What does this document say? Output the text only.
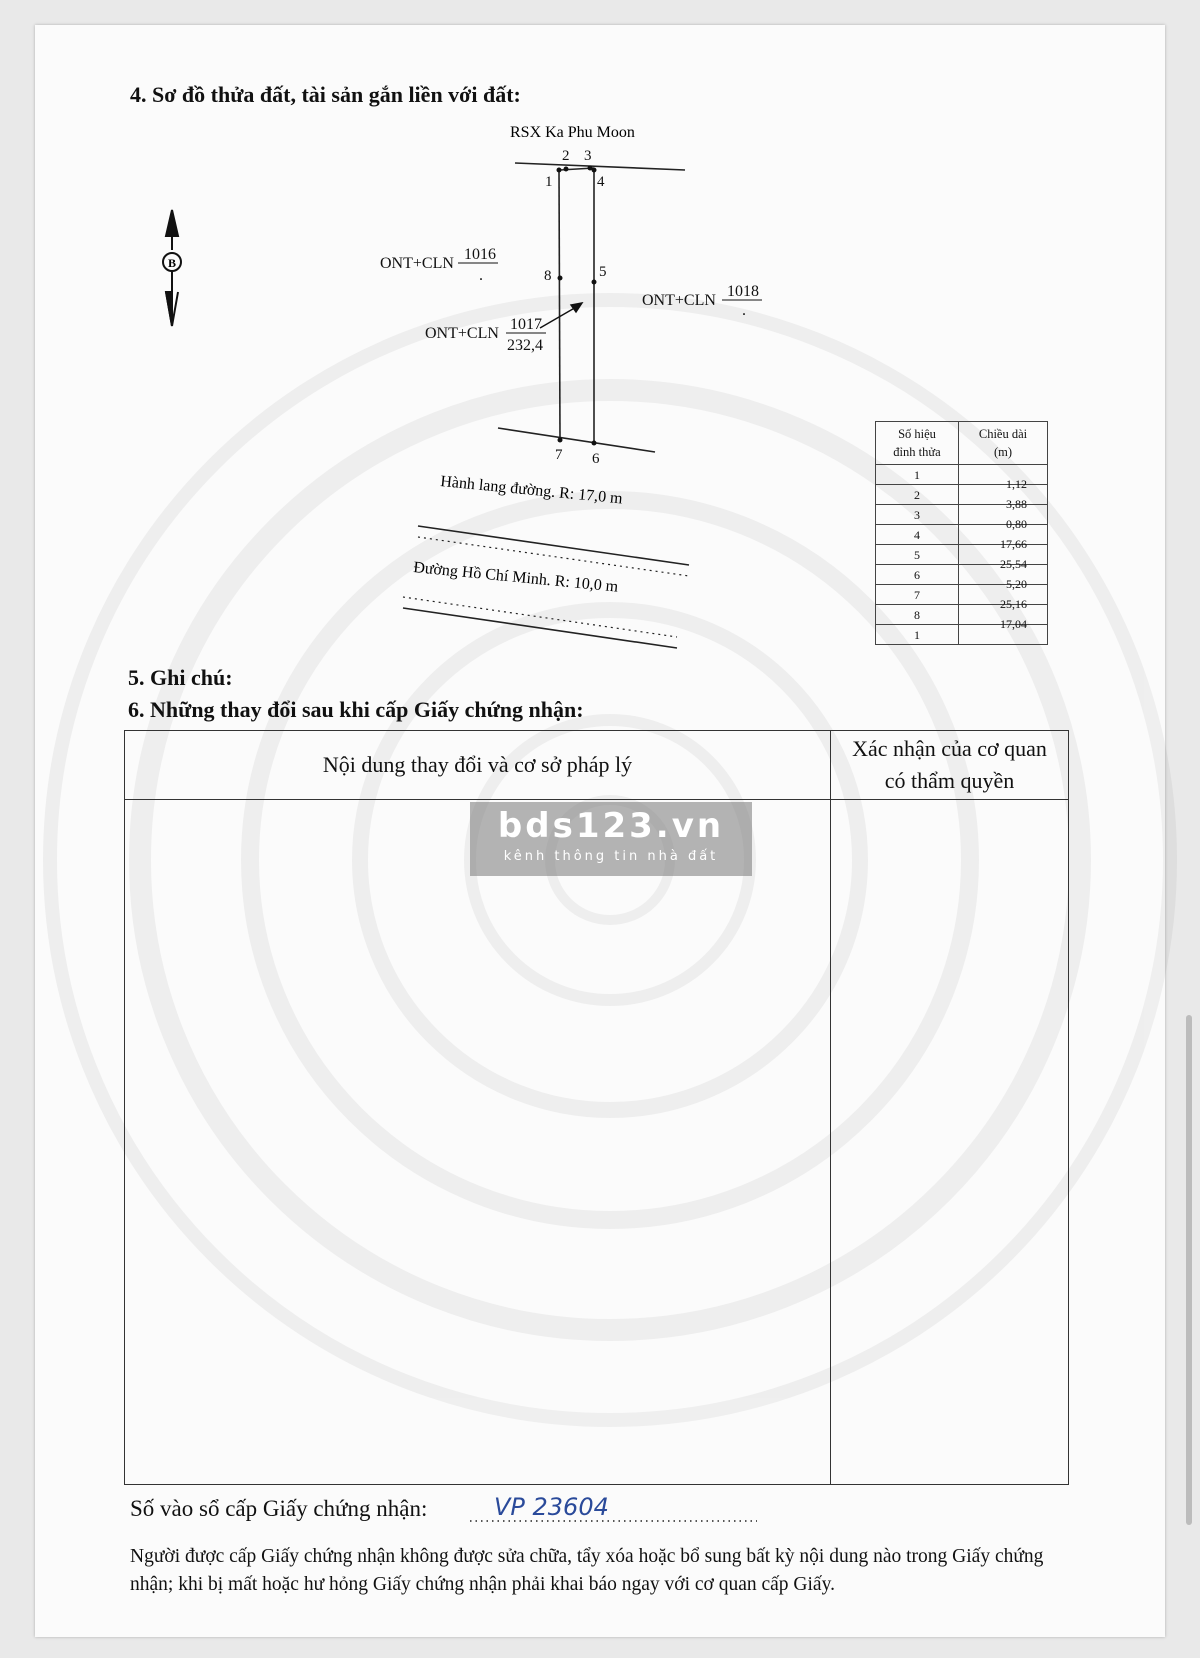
B
1
2 3
4
5
6
7
8
ONT+CLN
1016
.
ONT+CLN
1018
.
ONT+CLN
1017
232,4
Hành lang đường. R: 17,0 m
Đường Hồ Chí Minh. R: 10,0 m
RSX Ka Phu Moon
4. Sơ đồ thửa đất, tài sản gắn liền với đất:
Số hiệu
đỉnh thửa	Chiều dài
(m)
1	1,12
2	3,88
3	0,80
4	17,66
5	25,54
6	5,20
7	25,16
8	17,04
1	
5. Ghi chú:
6. Những thay đổi sau khi cấp Giấy chứng nhận:
Nội dung thay đổi và cơ sở pháp lý	Xác nhận của cơ quan
có thẩm quyền

bds123.vn
kênh thông tin nhà đất
Số vào sổ cấp Giấy chứng nhận:	VP 23604
Người được cấp Giấy chứng nhận không được sửa chữa, tẩy xóa hoặc bổ sung bất kỳ nội dung nào trong Giấy chứng nhận; khi bị mất hoặc hư hỏng Giấy chứng nhận phải khai báo ngay với cơ quan cấp Giấy.
